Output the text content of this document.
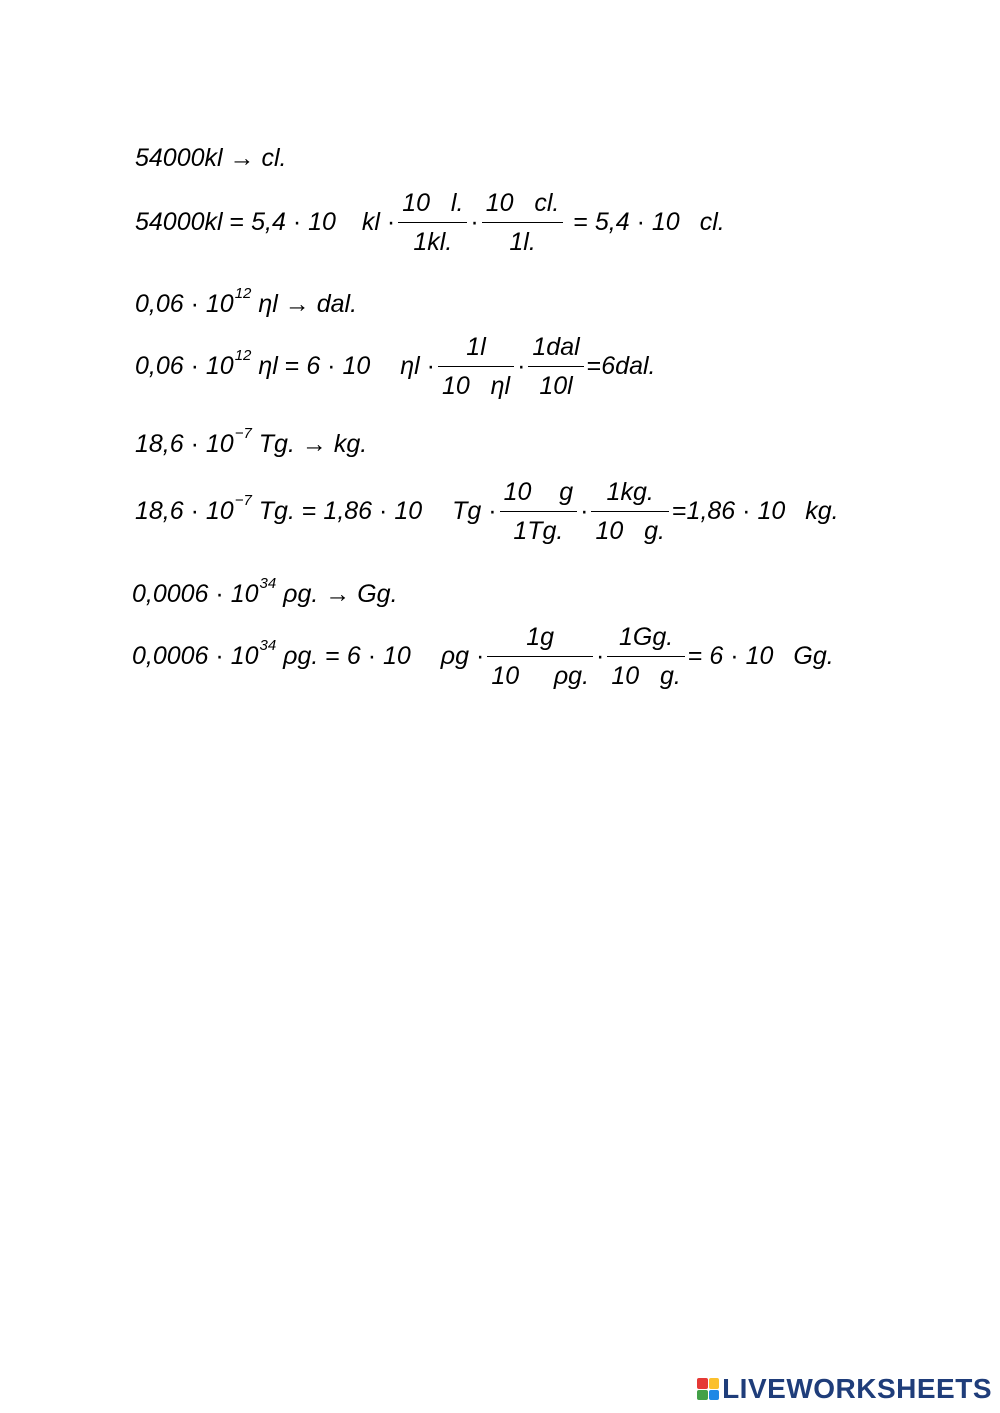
54000kl
→
cl.
54000kl
=
5,4
·
10 kl
· $\frac{10 l.}{1kl.} \cdot \frac{10 cl.}{1l.}$
=
5,4
·
10 cl.
0,06
·
10 12
ηl
→
dal.
0,06
·
10 12
ηl
=
6
·
10 ηl
· $\frac{1l}{10 \eta l} \cdot \frac{\text{1dal}}{10l} = 6dal$.
18,6
·
10 −7
Tg.
→
kg.
18,6
·
10 −7
Tg.
=
1,86
·
10 Tg
· $\frac{10 g}{1Tg.} \cdot \frac{1kg.}{10 g.} = 1,86$
·
10 kg.
0,0006
·
10 34
ρg.
→
Gg.
0,0006
·
10 34
ρg.
=
6
·
10 ρg
· $\frac{1g}{10 \rho g.} \cdot \frac{1Gg.}{10 g.}$ =
6
·
10 Gg.
LIVEWORKSHEETS
